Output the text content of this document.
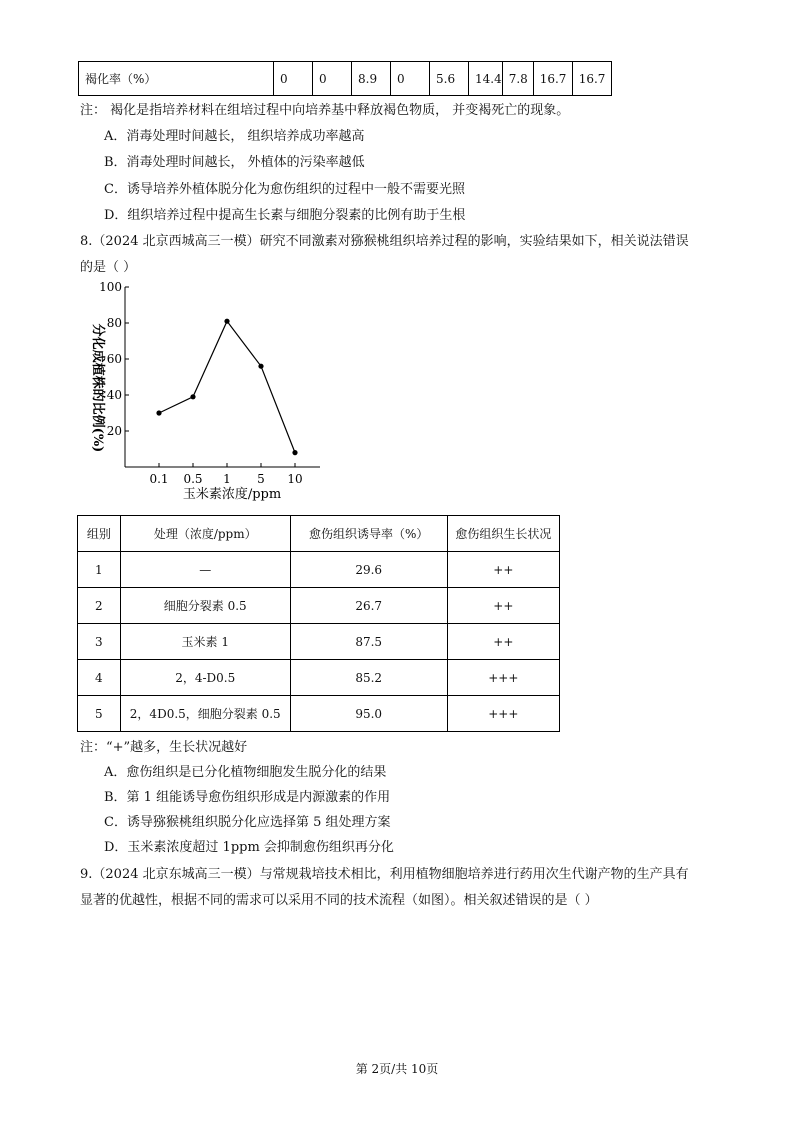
褐化率（%）	0	0	8.9	0	5.6	14.4	7.8	16.7	16.7
注： 褐化是指培养材料在组培过程中向培养基中释放褐色物质， 并变褐死亡的现象。
A．消毒处理时间越长， 组织培养成功率越高
B．消毒处理时间越长， 外植体的污染率越低
C．诱导培养外植体脱分化为愈伤组织的过程中一般不需要光照
D．组织培养过程中提高生长素与细胞分裂素的比例有助于生根
8.（2024 北京西城高三一模）研究不同激素对猕猴桃组织培养过程的影响，实验结果如下，相关说法错误
的是（ ）
20
40
60
80
100
0.1 0.5 1 5 10
分化成植株的比例(%)
玉米素浓度/ppm
组别	处理（浓度/ppm）	愈伤组织诱导率（%）	愈伤组织生长状况
1	—	29.6	++
2	细胞分裂素 0.5	26.7	++
3	玉米素 1	87.5	++
4	2，4-D0.5	85.2	+++
5	2，4D0.5，细胞分裂素 0.5	95.0	+++
注：“+”越多，生长状况越好
A．愈伤组织是已分化植物细胞发生脱分化的结果
B．第 1 组能诱导愈伤组织形成是内源激素的作用
C．诱导猕猴桃组织脱分化应选择第 5 组处理方案
D．玉米素浓度超过 1ppm 会抑制愈伤组织再分化
9.（2024 北京东城高三一模）与常规栽培技术相比，利用植物细胞培养进行药用次生代谢产物的生产具有
显著的优越性，根据不同的需求可以采用不同的技术流程（如图）。相关叙述错误的是（ ）
第 2页/共 10页
